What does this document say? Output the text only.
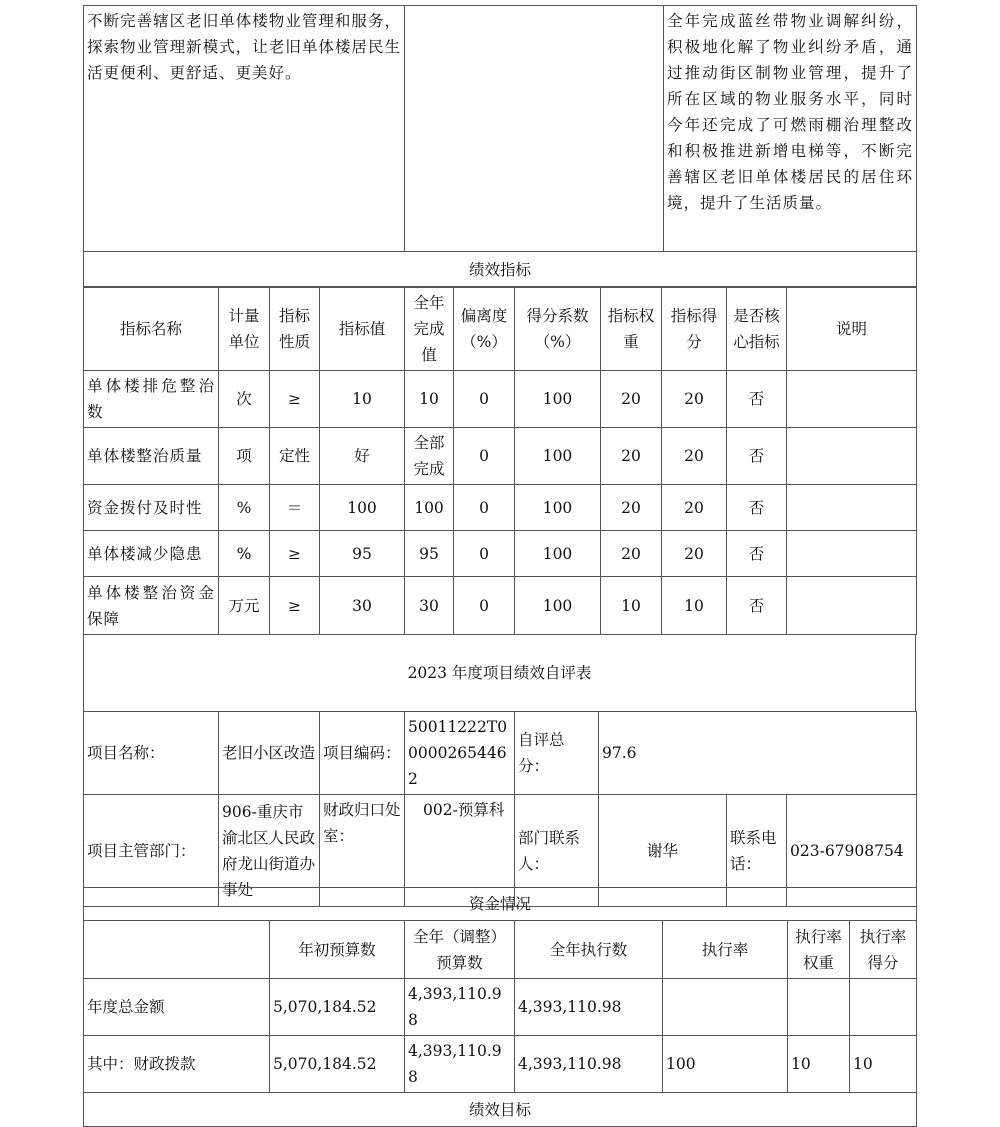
不断完善辖区老旧单体楼物业管理和服务，探索物业管理新模式，让老旧单体楼居民生活更便利、更舒适、更美好。		全年完成蓝丝带物业调解纠纷，积极地化解了物业纠纷矛盾，通过推动街区制物业管理，提升了所在区域的物业服务水平，同时今年还完成了可燃雨棚治理整改和积极推进新增电梯等，不断完善辖区老旧单体楼居民的居住环境，提升了生活质量。
绩效指标
指标名称	计量单位	指标性质	指标值	全年完成值	偏离度（%）	得分系数（%）	指标权重	指标得分	是否核心指标	说明
单体楼排危整治数	次	≥	10	10	0	100	20	20	否	
单体楼整治质量	项	定性	好	全部完成	0	100	20	20	否	
资金拨付及时性	%	＝	100	100	0	100	20	20	否	
单体楼减少隐患	%	≥	95	95	0	100	20	20	否	
单体楼整治资金保障	万元	≥	30	30	0	100	10	10	否	
2023 年度项目绩效自评表
项目名称：	老旧小区改造	项目编码：	50011222T000002654462	自评总分：	97.6		
项目主管部门：	906-重庆市渝北区人民政府龙山街道办事处	财政归口处室：	002-预算科	部门联系人：	谢华	联系电话：	023-67908754
资金情况						
	年初预算数	全年（调整）预算数	全年执行数	执行率	执行率权重	执行率得分
年度总金额	5,070,184.52	4,393,110.98	4,393,110.98			
其中：财政拨款	5,070,184.52	4,393,110.98	4,393,110.98	100	10	10
绩效目标						
